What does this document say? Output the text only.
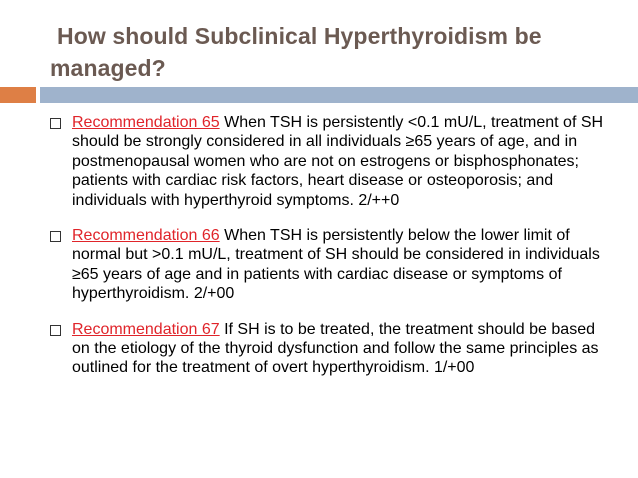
How should Subclinical Hyperthyroidism be managed?
Recommendation 65 When TSH is persistently <0.1 mU/L, treatment of SH should be strongly considered in all individuals ≥65 years of age, and in postmenopausal women who are not on estrogens or bisphosphonates; patients with cardiac risk factors, heart disease or osteoporosis; and individuals with hyperthyroid symptoms. 2/++0
Recommendation 66 When TSH is persistently below the lower limit of normal but >0.1 mU/L, treatment of SH should be considered in individuals ≥65 years of age and in patients with cardiac disease or symptoms of hyperthyroidism. 2/+00
Recommendation 67 If SH is to be treated, the treatment should be based on the etiology of the thyroid dysfunction and follow the same principles as outlined for the treatment of overt hyperthyroidism. 1/+00
